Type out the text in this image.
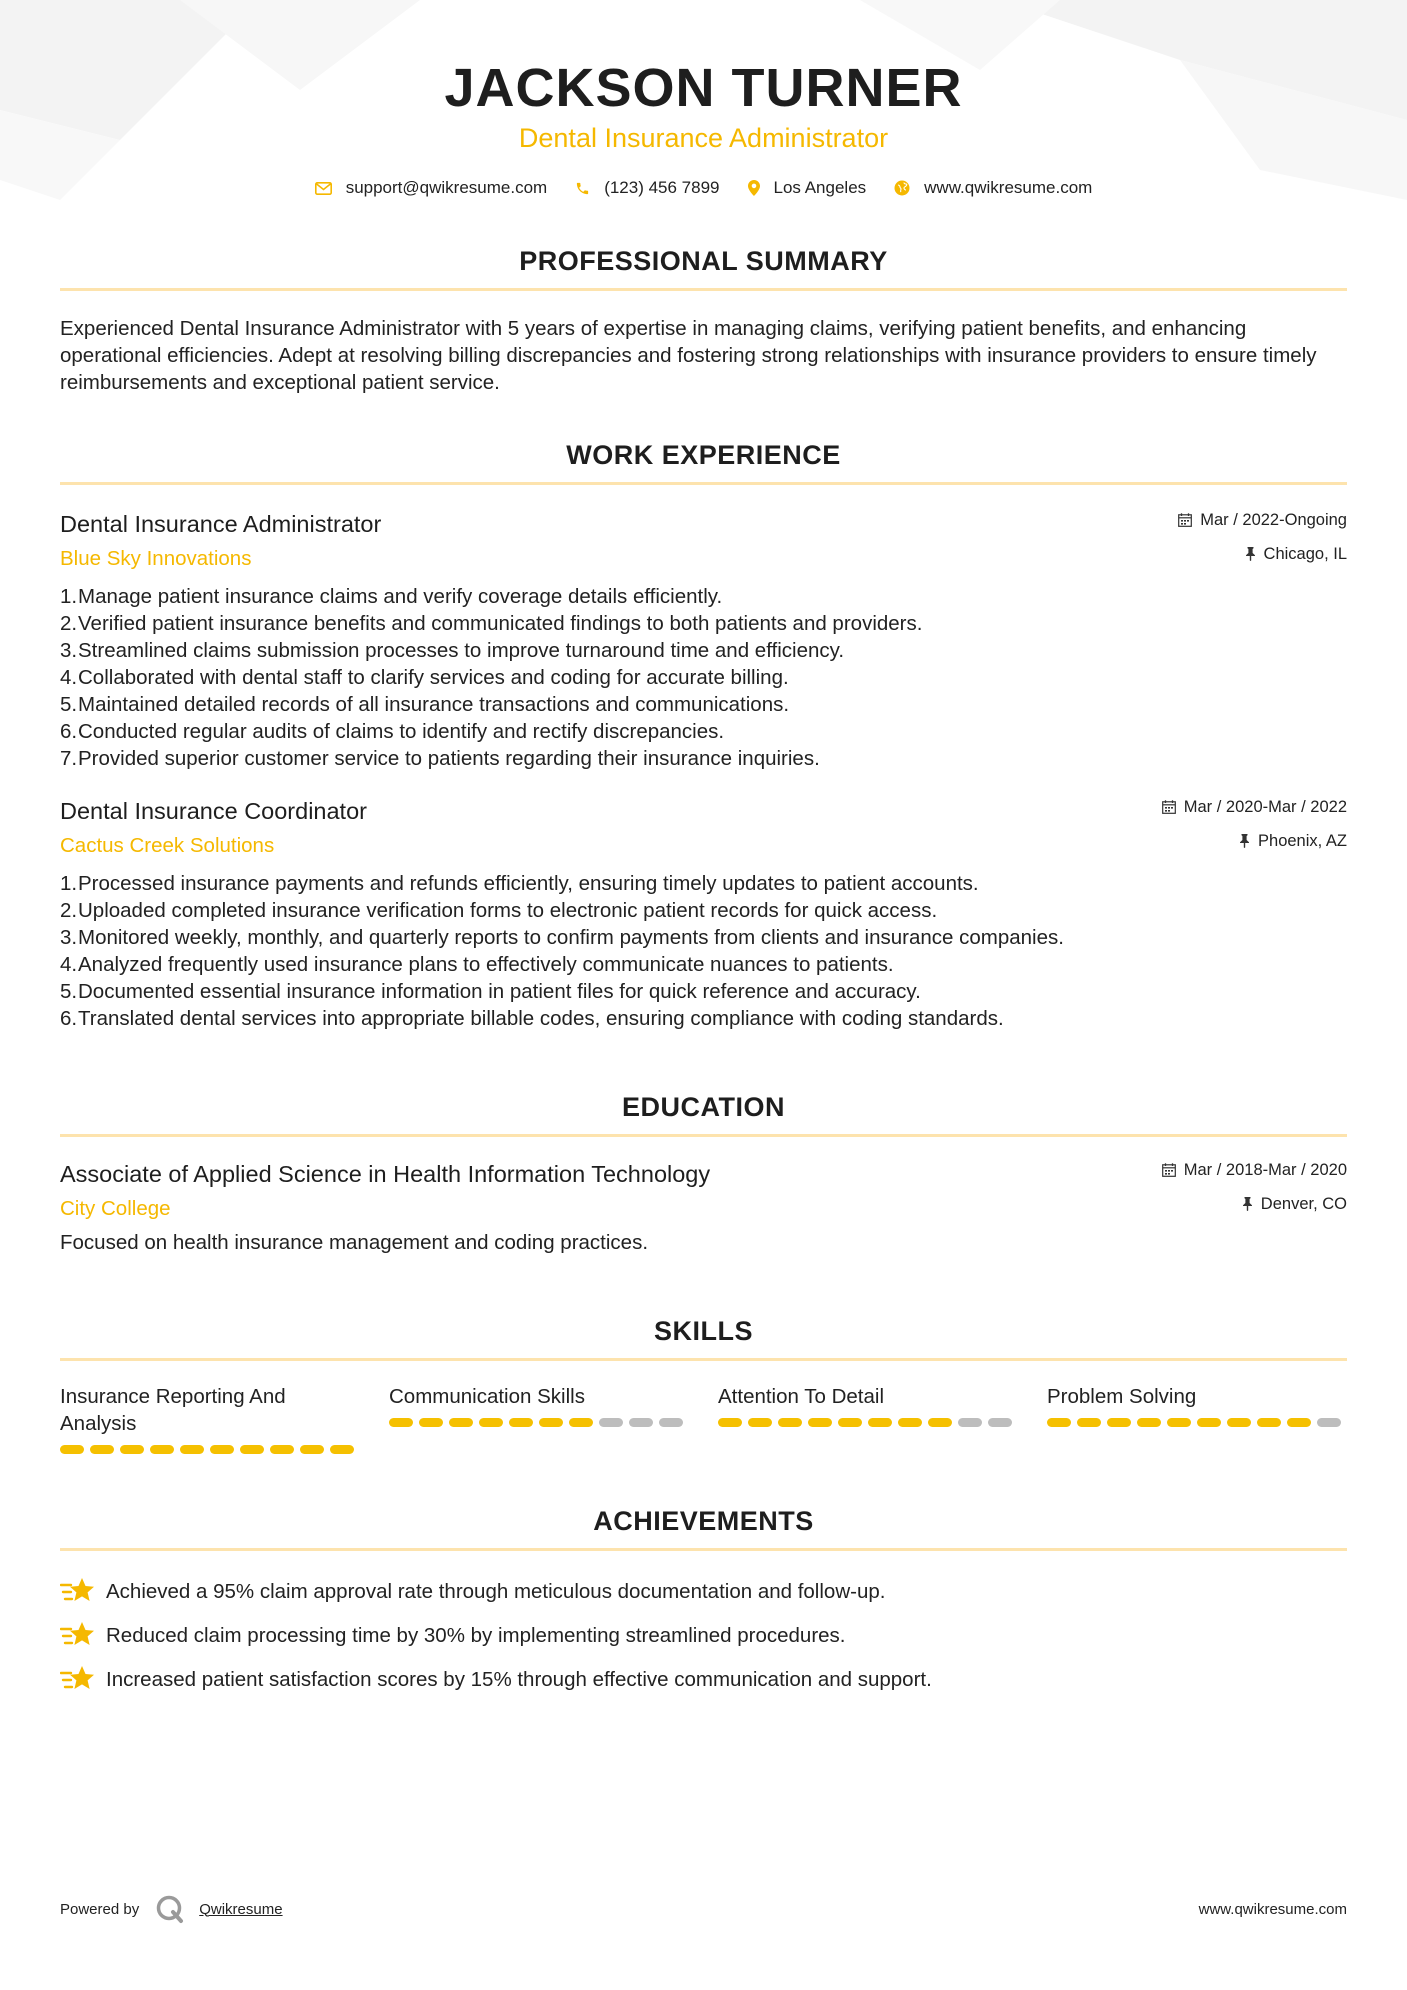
JACKSON TURNER
Dental Insurance Administrator
support@qwikresume.com	(123) 456 7899	Los Angeles	www.qwikresume.com
PROFESSIONAL SUMMARY
Experienced Dental Insurance Administrator with 5 years of expertise in managing claims, verifying patient benefits, and enhancing operational efficiencies. Adept at resolving billing discrepancies and fostering strong relationships with insurance providers to ensure timely reimbursements and exceptional patient service.
WORK EXPERIENCE
Dental Insurance Administrator
Blue Sky Innovations
Mar / 2022-Ongoing
Chicago, IL
1. Manage patient insurance claims and verify coverage details efficiently.
2. Verified patient insurance benefits and communicated findings to both patients and providers.
3. Streamlined claims submission processes to improve turnaround time and efficiency.
4. Collaborated with dental staff to clarify services and coding for accurate billing.
5. Maintained detailed records of all insurance transactions and communications.
6. Conducted regular audits of claims to identify and rectify discrepancies.
7. Provided superior customer service to patients regarding their insurance inquiries.
Dental Insurance Coordinator
Cactus Creek Solutions
Mar / 2020-Mar / 2022
Phoenix, AZ
1. Processed insurance payments and refunds efficiently, ensuring timely updates to patient accounts.
2. Uploaded completed insurance verification forms to electronic patient records for quick access.
3. Monitored weekly, monthly, and quarterly reports to confirm payments from clients and insurance companies.
4. Analyzed frequently used insurance plans to effectively communicate nuances to patients.
5. Documented essential insurance information in patient files for quick reference and accuracy.
6. Translated dental services into appropriate billable codes, ensuring compliance with coding standards.
EDUCATION
Associate of Applied Science in Health Information Technology
City College
Mar / 2018-Mar / 2020
Denver, CO
Focused on health insurance management and coding practices.
SKILLS
Insurance Reporting And Analysis
Communication Skills	Attention To Detail	Problem Solving
ACHIEVEMENTS
Achieved a 95% claim approval rate through meticulous documentation and follow-up.
Reduced claim processing time by 30% by implementing streamlined procedures.
Increased patient satisfaction scores by 15% through effective communication and support.
Powered by	Qwikresume	www.qwikresume.com
